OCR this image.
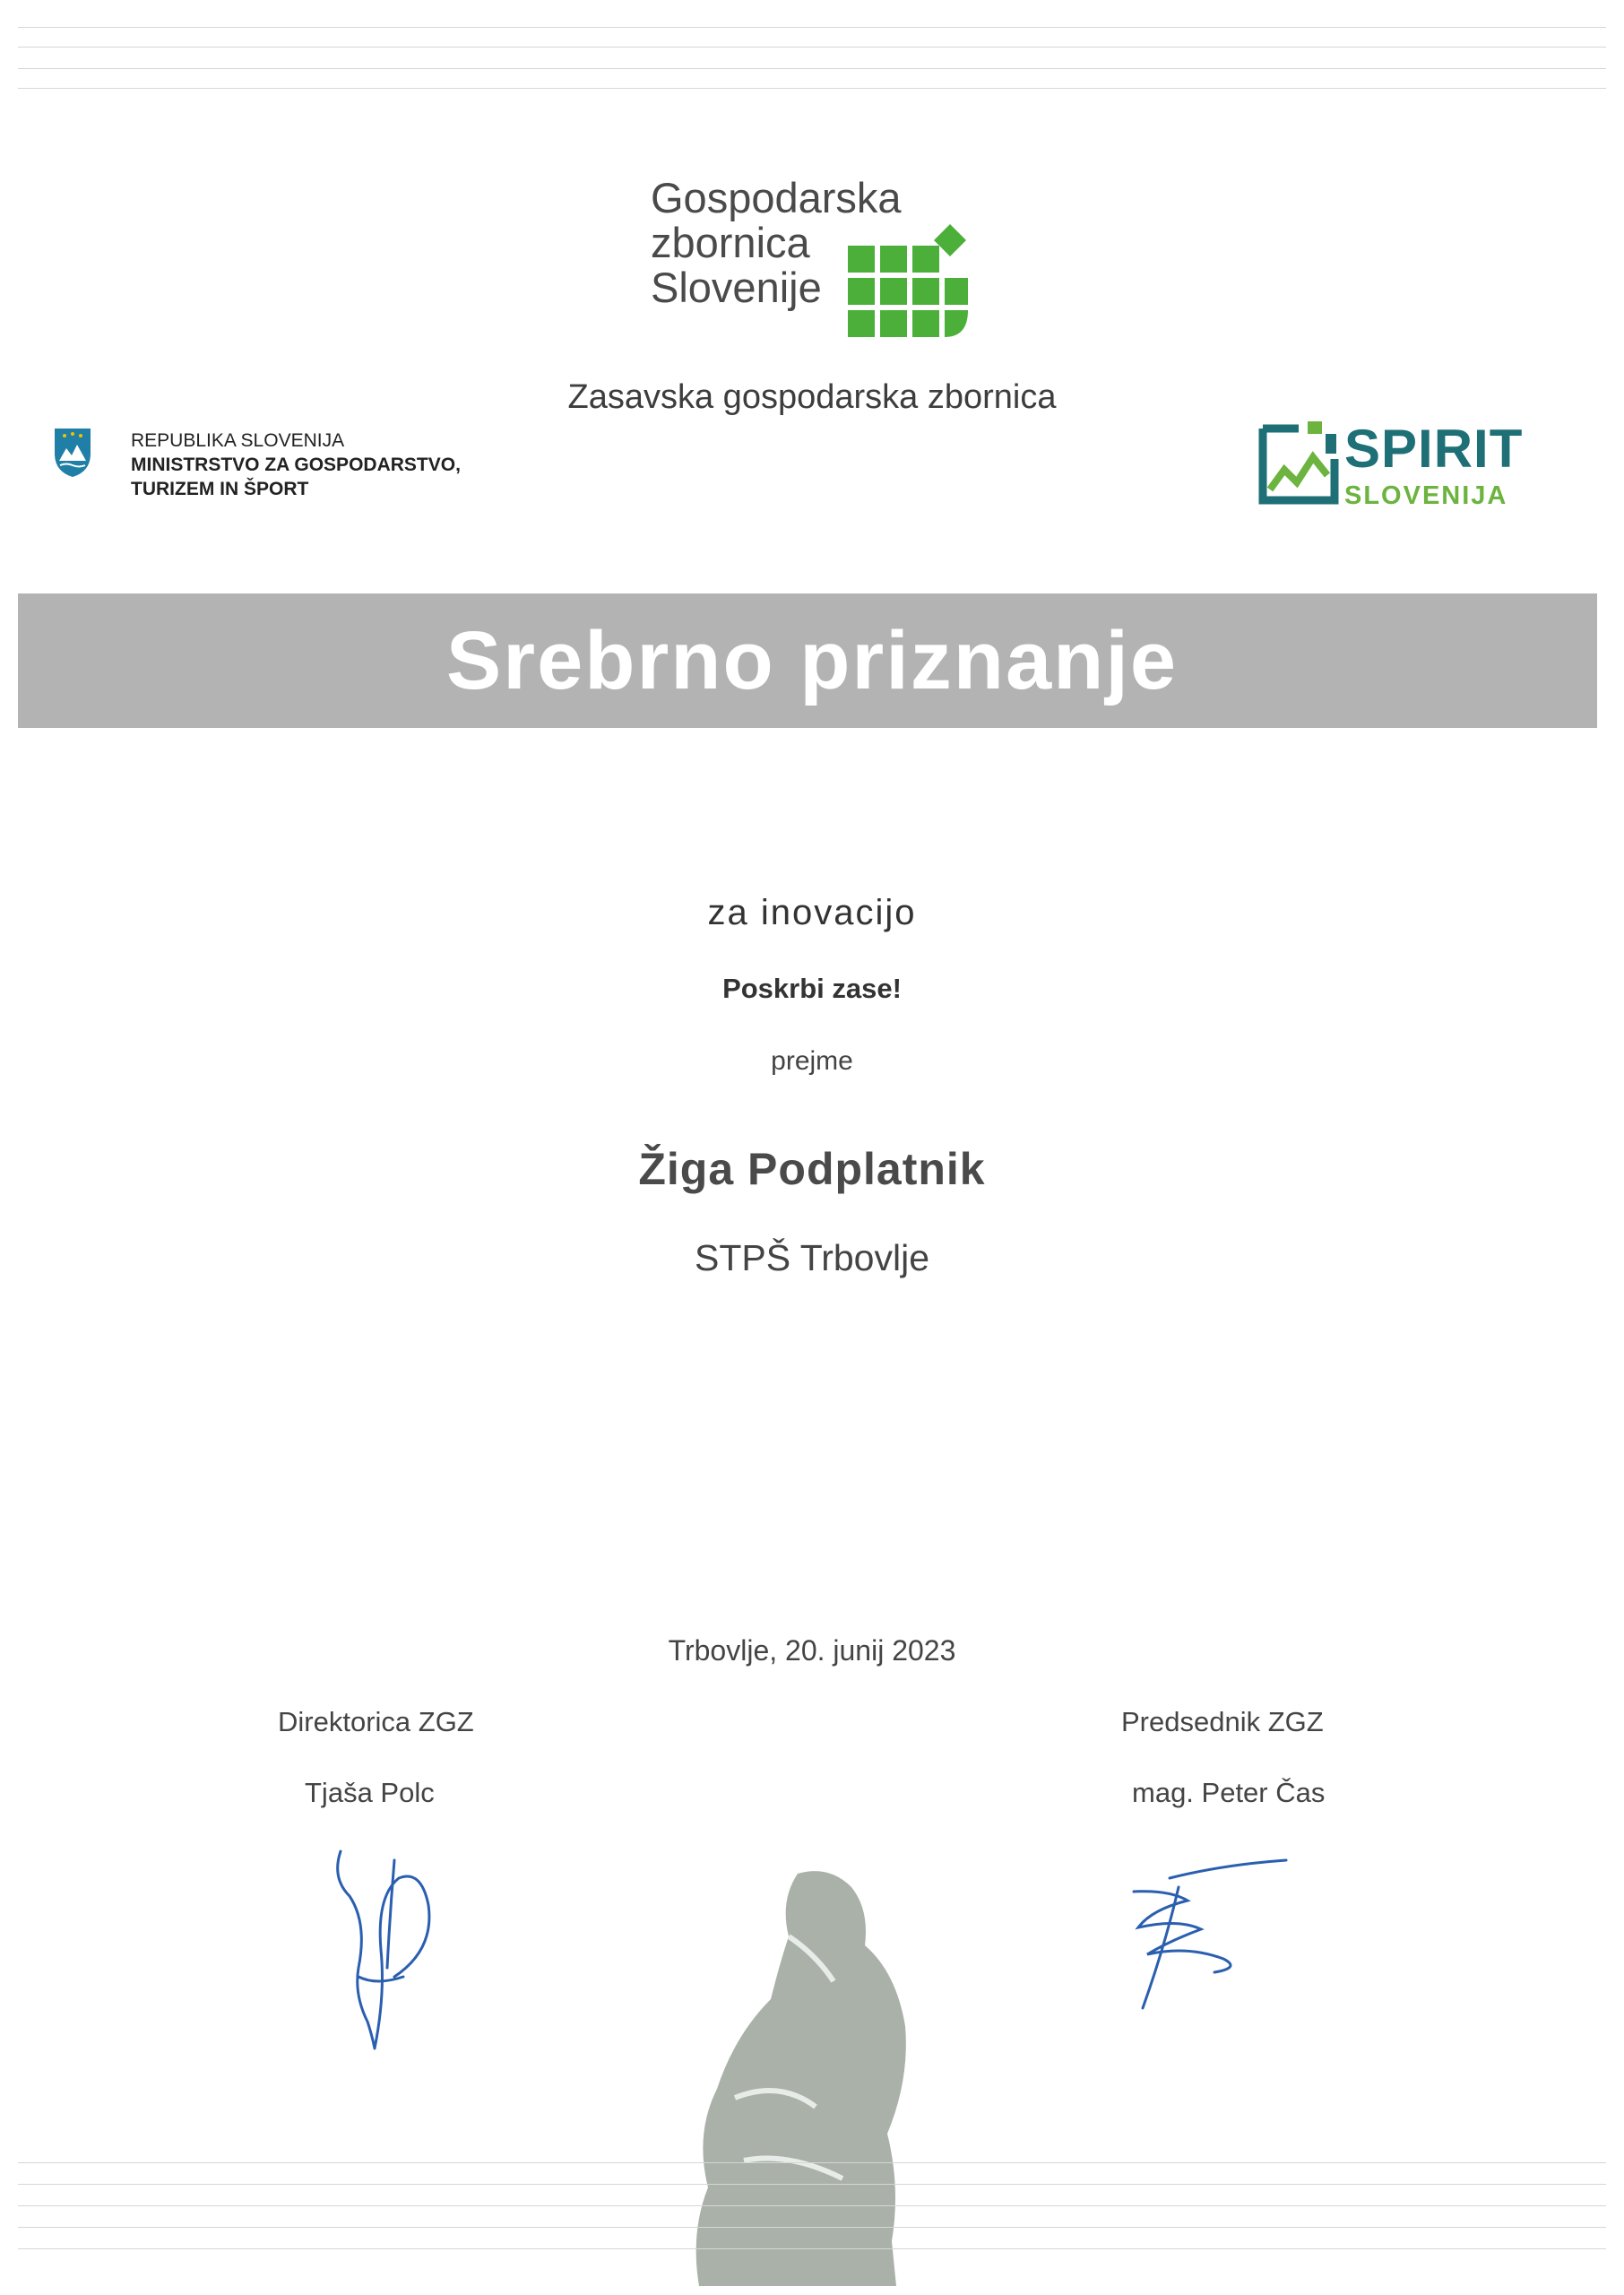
Gospodarska
zbornica
Slovenije
Zasavska gospodarska zbornica
REPUBLIKA SLOVENIJA
MINISTRSTVO ZA GOSPODARSTVO,
TURIZEM IN ŠPORT
SPIRIT
SLOVENIJA
Srebrno priznanje
za inovacijo
Poskrbi zase!
prejme
Žiga Podplatnik
STPŠ Trbovlje
Trbovlje, 20. junij 2023
Direktorica ZGZ
Tjaša Polc
Predsednik ZGZ
mag. Peter Čas
